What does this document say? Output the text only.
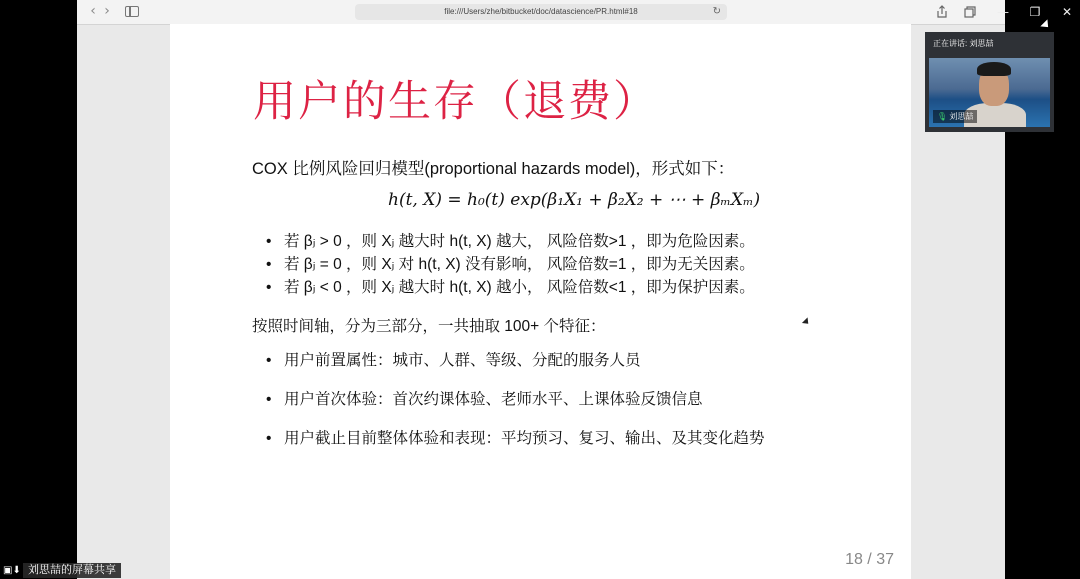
‹ ›	file:///Users/zhe/bitbucket/doc/datascience/PR.html#18	↻
用户的生存（退费）
COX 比例风险回归模型(proportional hazards model)，形式如下：
h(t, X) = h₀(t) exp(β₁X₁ + β₂X₂ + ⋯ + βₘXₘ)
• 若 βⱼ > 0 ，则 Xⱼ 越大时 h(t, X) 越大， 风险倍数>1 ，即为危险因素。
• 若 βⱼ = 0 ，则 Xⱼ 对 h(t, X) 没有影响， 风险倍数=1 ，即为无关因素。
• 若 βⱼ < 0 ，则 Xⱼ 越大时 h(t, X) 越小， 风险倍数<1 ，即为保护因素。
按照时间轴，分为三部分，一共抽取 100+ 个特征：
• 用户前置属性：城市、人群、等级、分配的服务人员
• 用户首次体验：首次约课体验、老师水平、上课体验反馈信息
• 用户截止目前整体体验和表现：平均预习、复习、输出、及其变化趋势
18 / 37
—	❐	✕
正在讲话: 刘思喆
🎙 刘思喆
▣⬇ 刘思喆的屏幕共享
